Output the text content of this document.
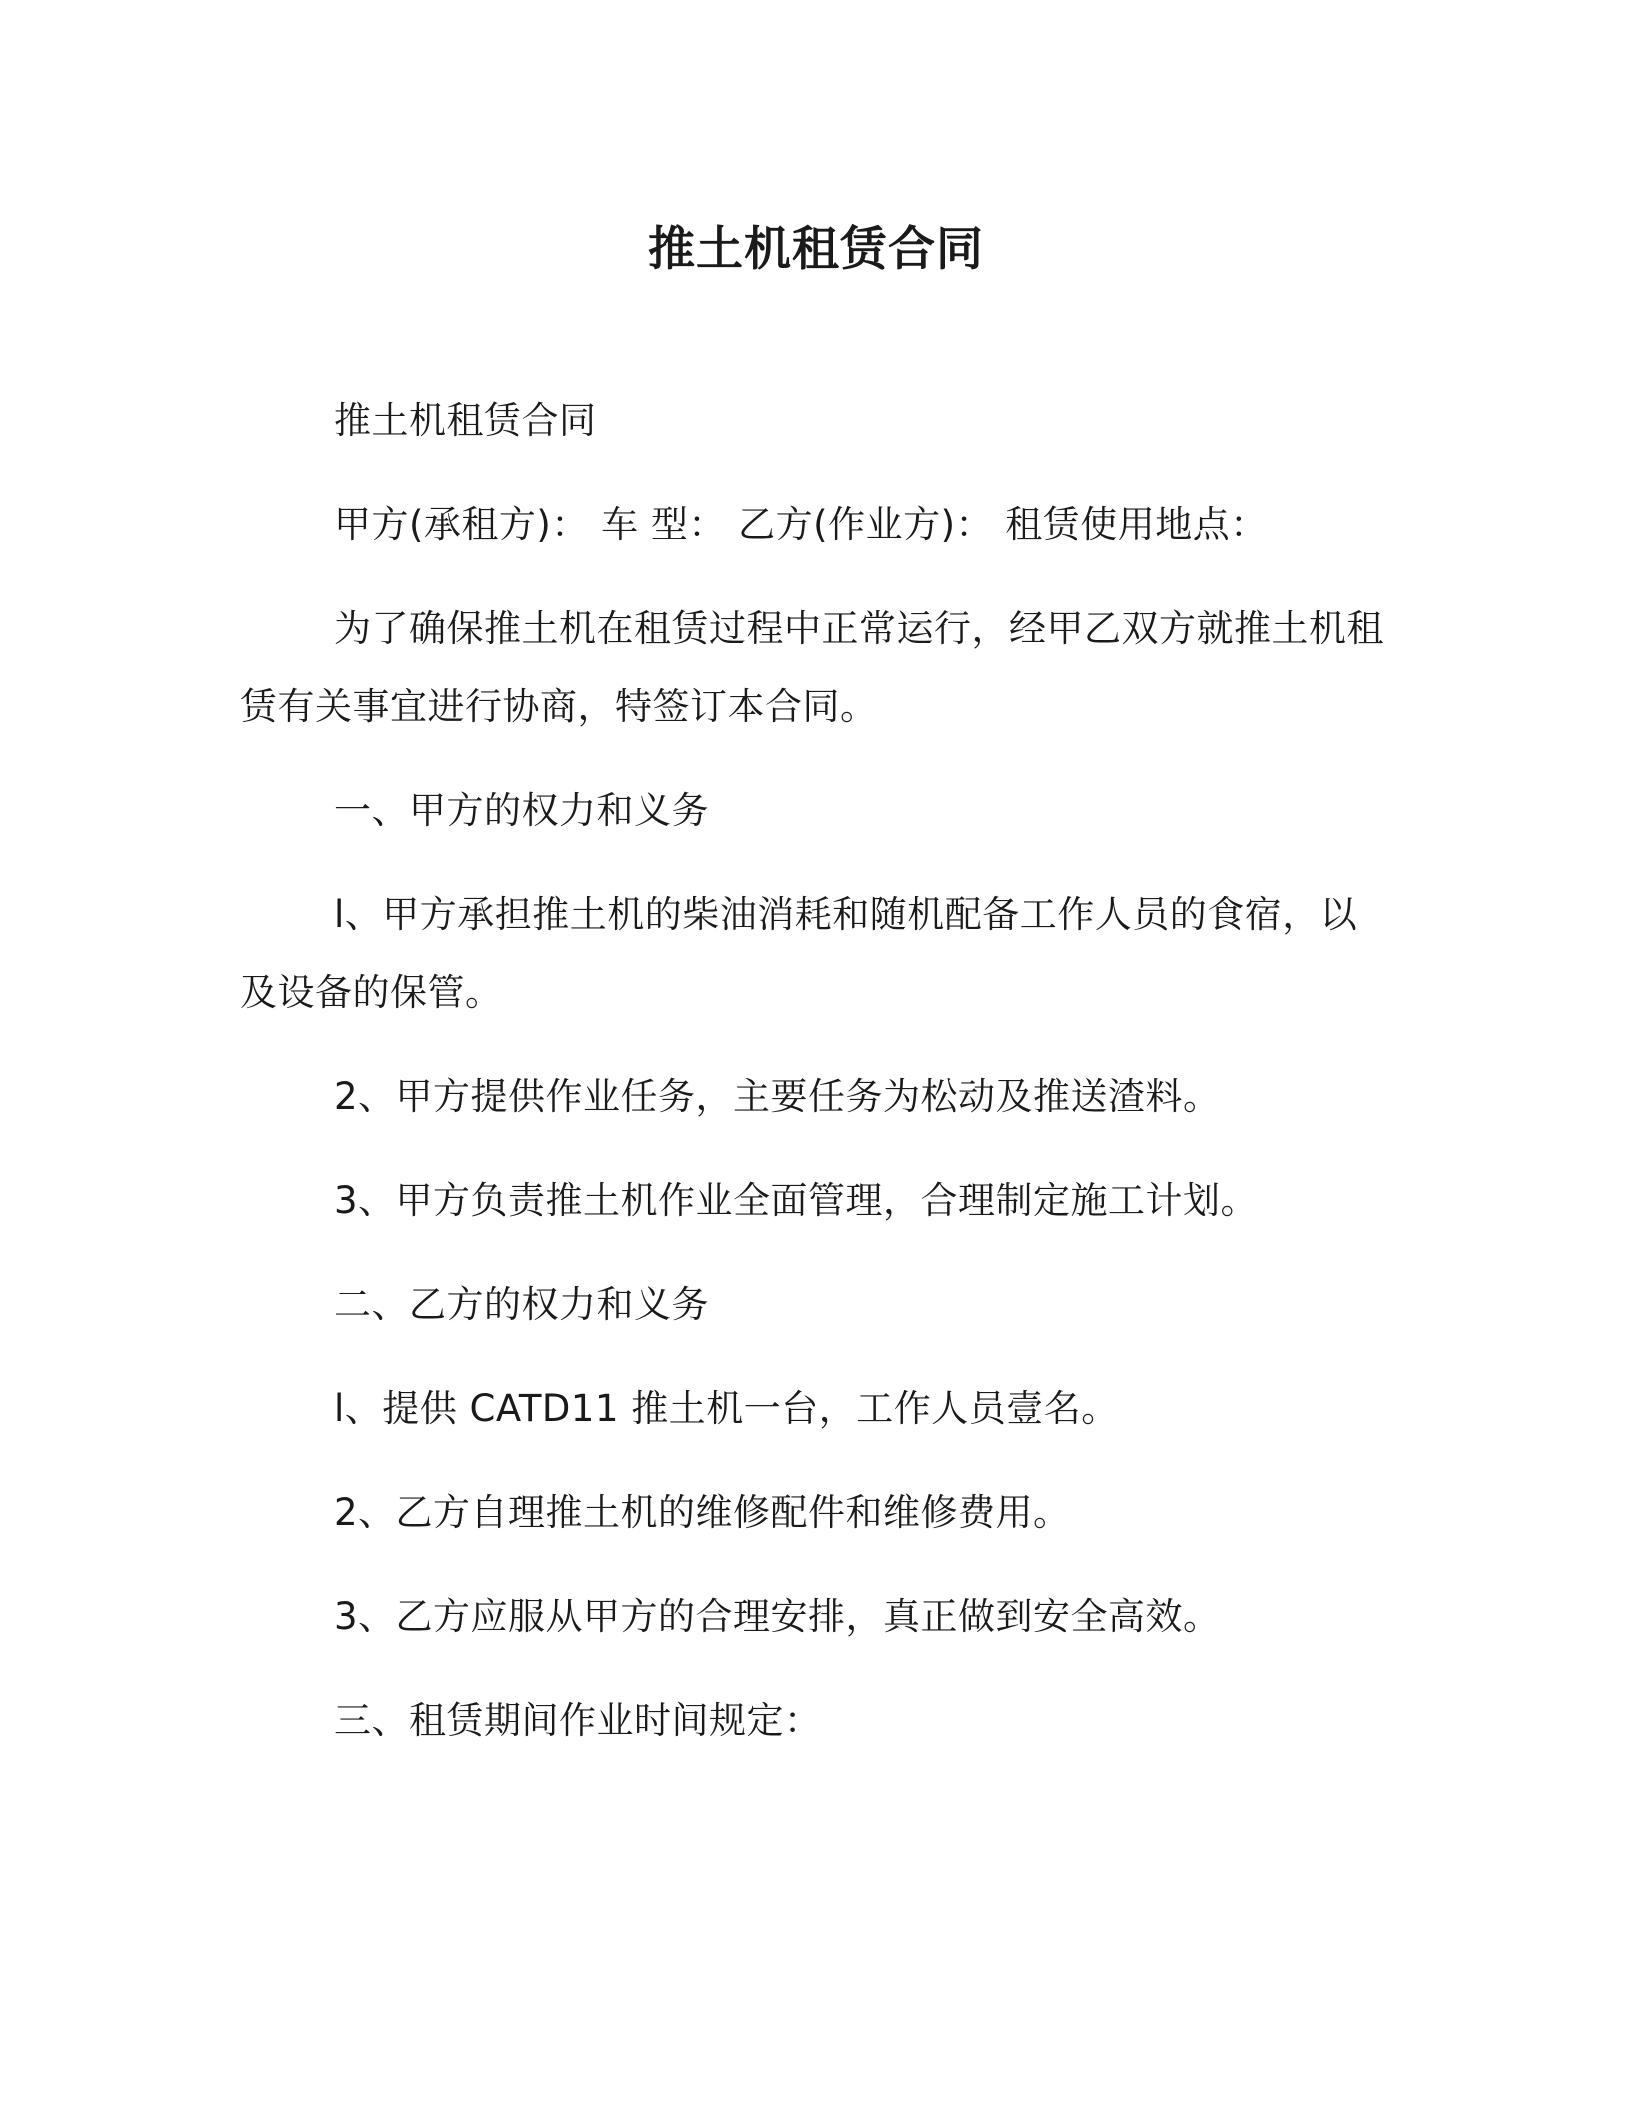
推土机租赁合同
推土机租赁合同
甲方(承租方)： 车 型： 乙方(作业方)： 租赁使用地点：
为了确保推土机在租赁过程中正常运行，经甲乙双方就推土机租
赁有关事宜进行协商，特签订本合同。
一、甲方的权力和义务
l、甲方承担推土机的柴油消耗和随机配备工作人员的食宿，以
及设备的保管。
2、甲方提供作业任务，主要任务为松动及推送渣料。
3、甲方负责推土机作业全面管理，合理制定施工计划。
二、乙方的权力和义务
l、提供 CATD11 推土机一台，工作人员壹名。
2、乙方自理推土机的维修配件和维修费用。
3、乙方应服从甲方的合理安排，真正做到安全高效。
三、租赁期间作业时间规定：
